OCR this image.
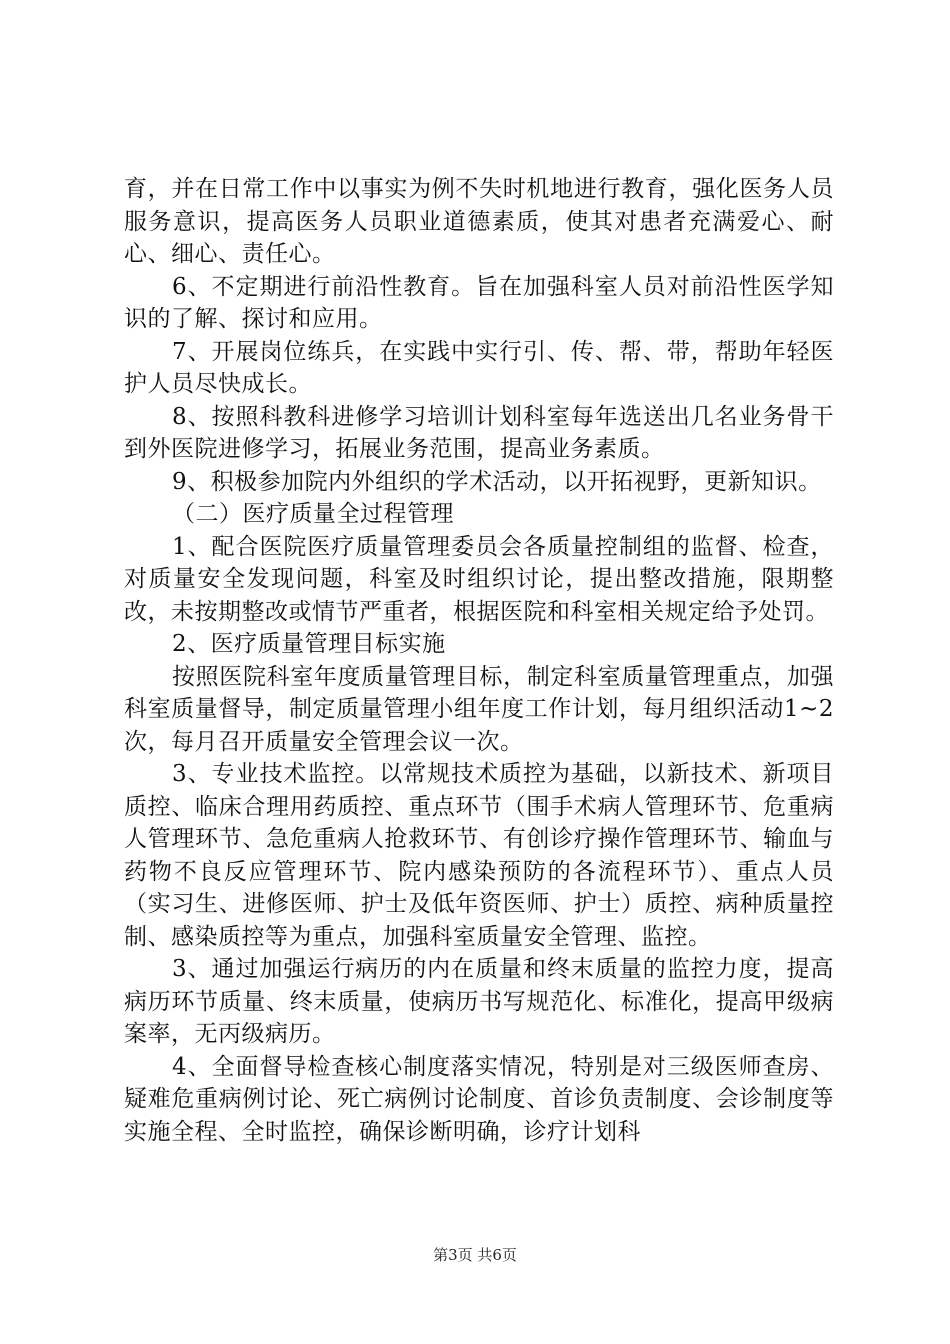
育，并在日常工作中以事实为例不失时机地进行教育，强化医务人员服务意识，提高医务人员职业道德素质，使其对患者充满爱心、耐心、细心、责任心。

6、不定期进行前沿性教育。旨在加强科室人员对前沿性医学知识的了解、探讨和应用。

7、开展岗位练兵，在实践中实行引、传、帮、带，帮助年轻医护人员尽快成长。

8、按照科教科进修学习培训计划科室每年选送出几名业务骨干到外医院进修学习，拓展业务范围，提高业务素质。

9、积极参加院内外组织的学术活动，以开拓视野，更新知识。

（二）医疗质量全过程管理

1、配合医院医疗质量管理委员会各质量控制组的监督、检查，对质量安全发现问题，科室及时组织讨论，提出整改措施，限期整改，未按期整改或情节严重者，根据医院和科室相关规定给予处罚。

2、医疗质量管理目标实施

按照医院科室年度质量管理目标，制定科室质量管理重点，加强科室质量督导，制定质量管理小组年度工作计划，每月组织活动1~2次，每月召开质量安全管理会议一次。

3、专业技术监控。以常规技术质控为基础，以新技术、新项目质控、临床合理用药质控、重点环节（围手术病人管理环节、危重病人管理环节、急危重病人抢救环节、有创诊疗操作管理环节、输血与药物不良反应管理环节、院内感染预防的各流程环节）、重点人员（实习生、进修医师、护士及低年资医师、护士）质控、病种质量控制、感染质控等为重点，加强科室质量安全管理、监控。

3、通过加强运行病历的内在质量和终末质量的监控力度，提高病历环节质量、终末质量，使病历书写规范化、标准化，提高甲级病案率，无丙级病历。

4、全面督导检查核心制度落实情况，特别是对三级医师查房、疑难危重病例讨论、死亡病例讨论制度、首诊负责制度、会诊制度等实施全程、全时监控，确保诊断明确，诊疗计划科

第3页 共6页
